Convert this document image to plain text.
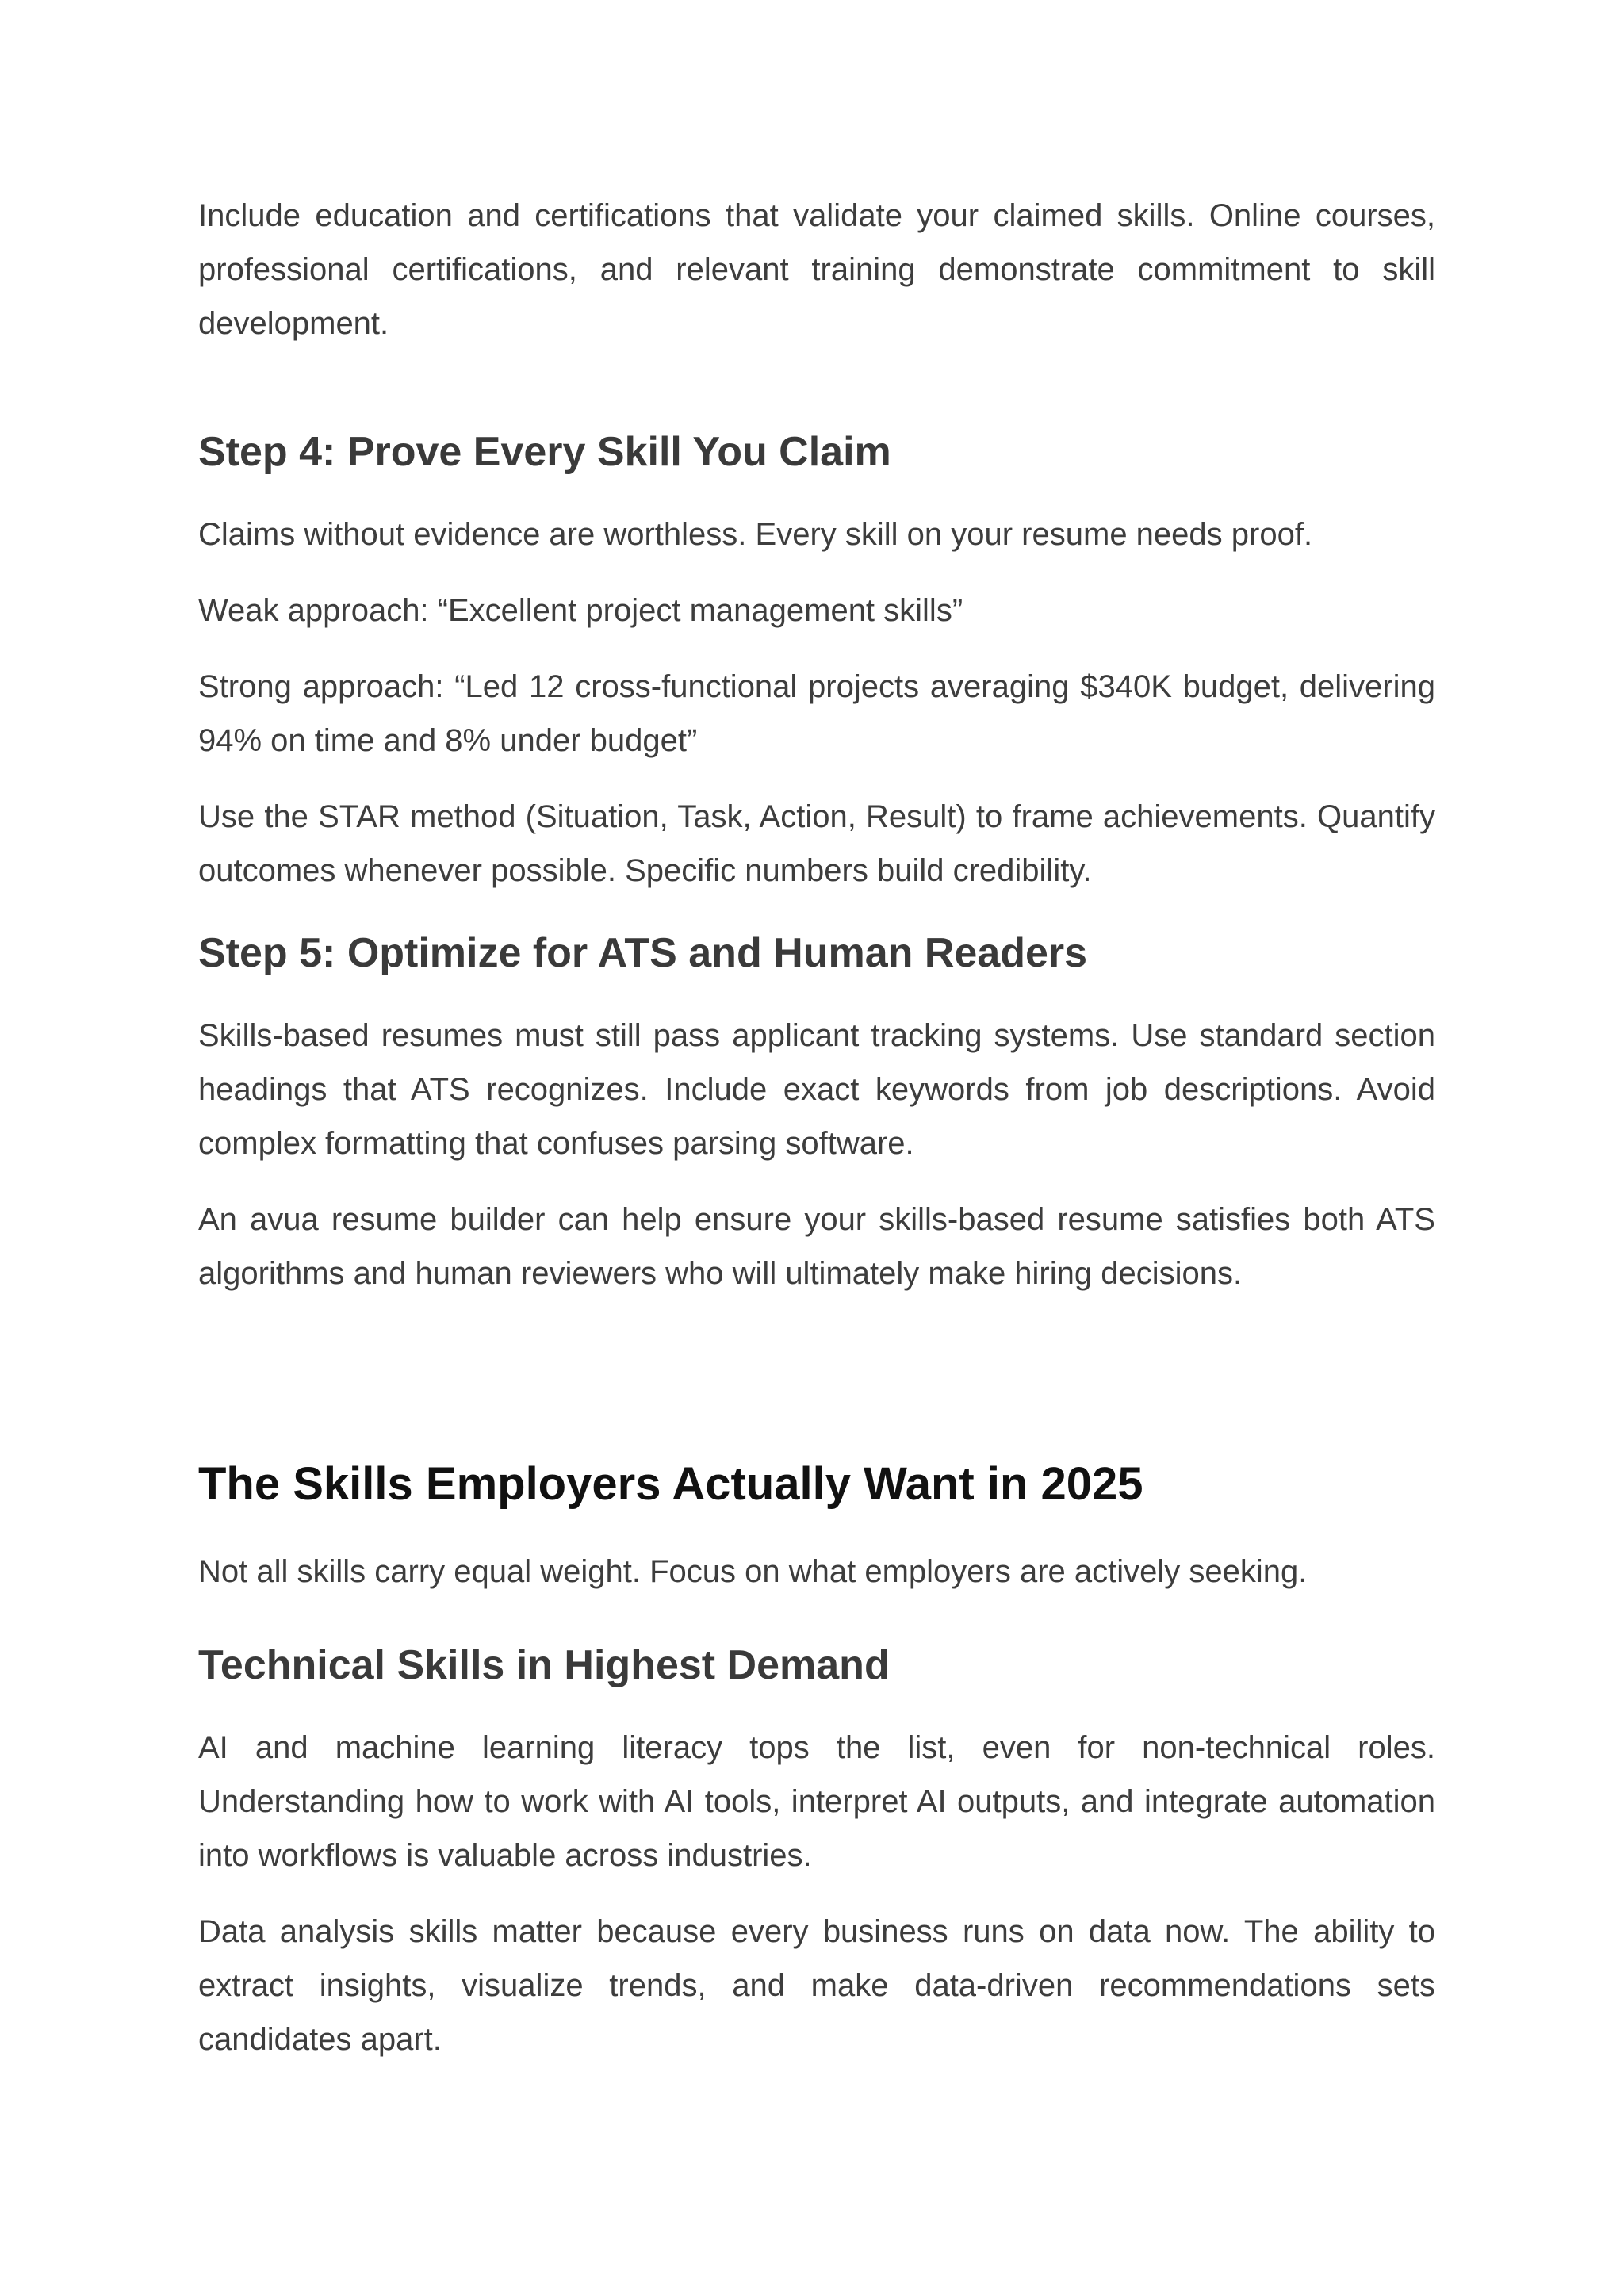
Include education and certifications that validate your claimed skills. Online courses, professional certifications, and relevant training demonstrate commitment to skill development.

Step 4: Prove Every Skill You Claim

Claims without evidence are worthless. Every skill on your resume needs proof.

Weak approach: “Excellent project management skills”

Strong approach: “Led 12 cross-functional projects averaging $340K budget, delivering 94% on time and 8% under budget”

Use the STAR method (Situation, Task, Action, Result) to frame achievements. Quantify outcomes whenever possible. Specific numbers build credibility.

Step 5: Optimize for ATS and Human Readers

Skills-based resumes must still pass applicant tracking systems. Use standard section headings that ATS recognizes. Include exact keywords from job descriptions. Avoid complex formatting that confuses parsing software.

An avua resume builder can help ensure your skills-based resume satisfies both ATS algorithms and human reviewers who will ultimately make hiring decisions.

The Skills Employers Actually Want in 2025

Not all skills carry equal weight. Focus on what employers are actively seeking.

Technical Skills in Highest Demand

AI and machine learning literacy tops the list, even for non-technical roles. Understanding how to work with AI tools, interpret AI outputs, and integrate automation into workflows is valuable across industries.

Data analysis skills matter because every business runs on data now. The ability to extract insights, visualize trends, and make data-driven recommendations sets candidates apart.
